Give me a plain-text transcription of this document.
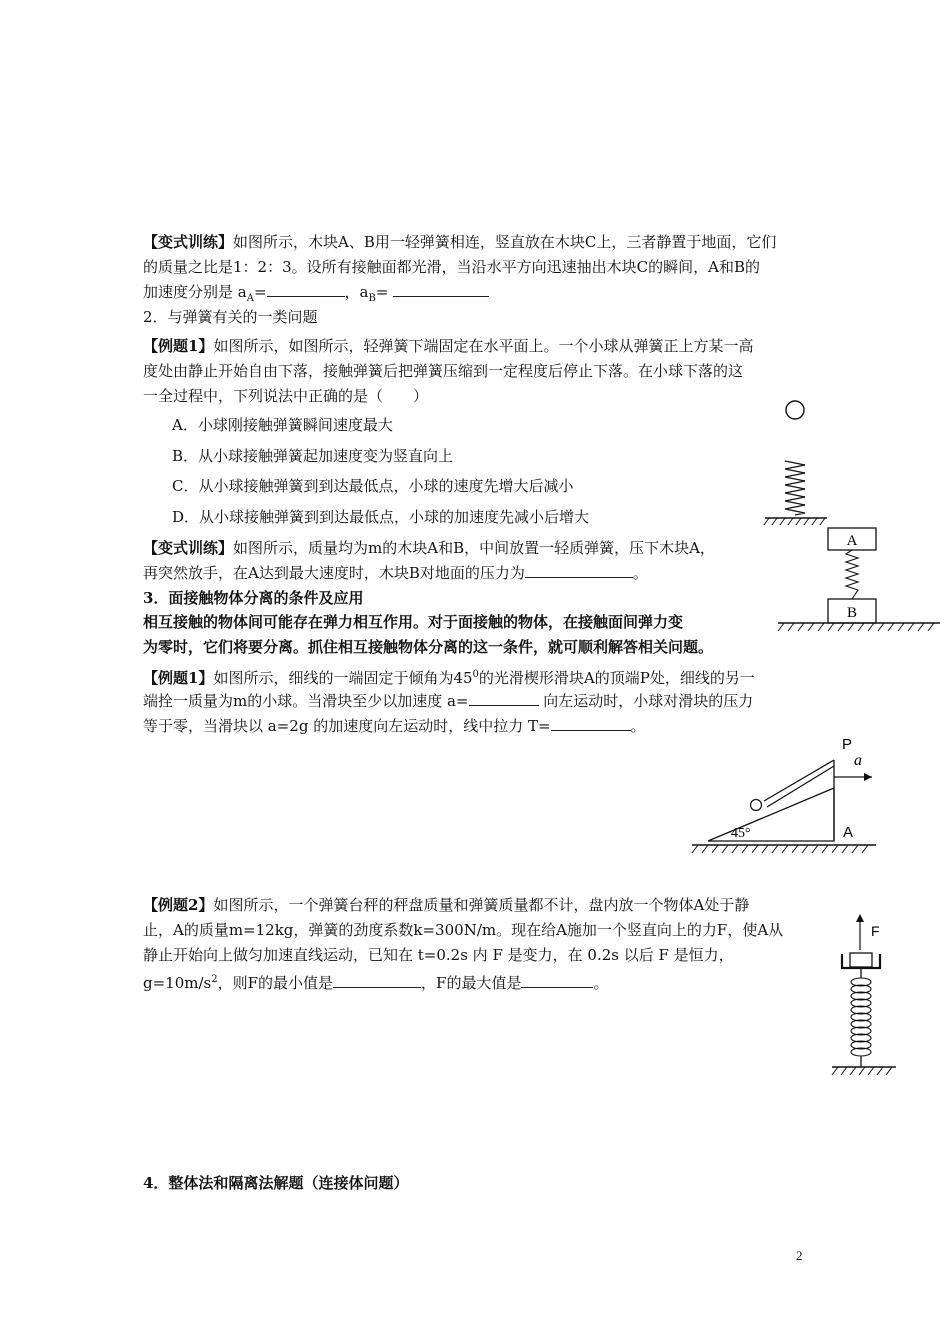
【变式训练】如图所示，木块A、B用一轻弹簧相连，竖直放在木块C上，三者静置于地面，它们
的质量之比是1：2：3。设所有接触面都光滑，当沿水平方向迅速抽出木块C的瞬间，A和B的
加速度分别是 $a_A=$	，$a_B=$
2．与弹簧有关的一类问题
【例题1】如图所示，如图所示，轻弹簧下端固定在水平面上。一个小球从弹簧正上方某一高
度处由静止开始自由下落，接触弹簧后把弹簧压缩到一定程度后停止下落。在小球下落的这
一全过程中，下列说法中正确的是（　　）
A．小球刚接触弹簧瞬间速度最大
B．从小球接触弹簧起加速度变为竖直向上
C．从小球接触弹簧到到达最低点，小球的速度先增大后减小
D．从小球接触弹簧到到达最低点，小球的加速度先减小后增大
【变式训练】如图所示，质量均为m的木块A和B，中间放置一轻质弹簧，压下木块A，
再突然放手，在A达到最大速度时，木块B对地面的压力为	。
A
B
3．面接触物体分离的条件及应用
相互接触的物体间可能存在弹力相互作用。对于面接触的物体，在接触面间弹力变
为零时，它们将要分离。抓住相互接触物体分离的这一条件，就可顺利解答相关问题。
【例题1】如图所示，细线的一端固定于倾角为$45^0$的光滑楔形滑块A的顶端P处，细线的另一
端拴一质量为m的小球。当滑块至少以加速度 a=	向左运动时，小球对滑块的压力
等于零，当滑块以 a=2g 的加速度向左运动时，线中拉力 T=	。
P
a
45°	A
【例题2】如图所示，一个弹簧台秤的秤盘质量和弹簧质量都不计，盘内放一个物体A处于静
止，A的质量m=12kg，弹簧的劲度系数k=300N/m。现在给A施加一个竖直向上的力F，使A从
静止开始向上做匀加速直线运动，已知在 t=0.2s 内 F 是变力，在 0.2s 以后 F 是恒力，
$g=10m/s^2$，则F的最小值是	，F的最大值是	。
F
4．整体法和隔离法解题（连接体问题）
2
